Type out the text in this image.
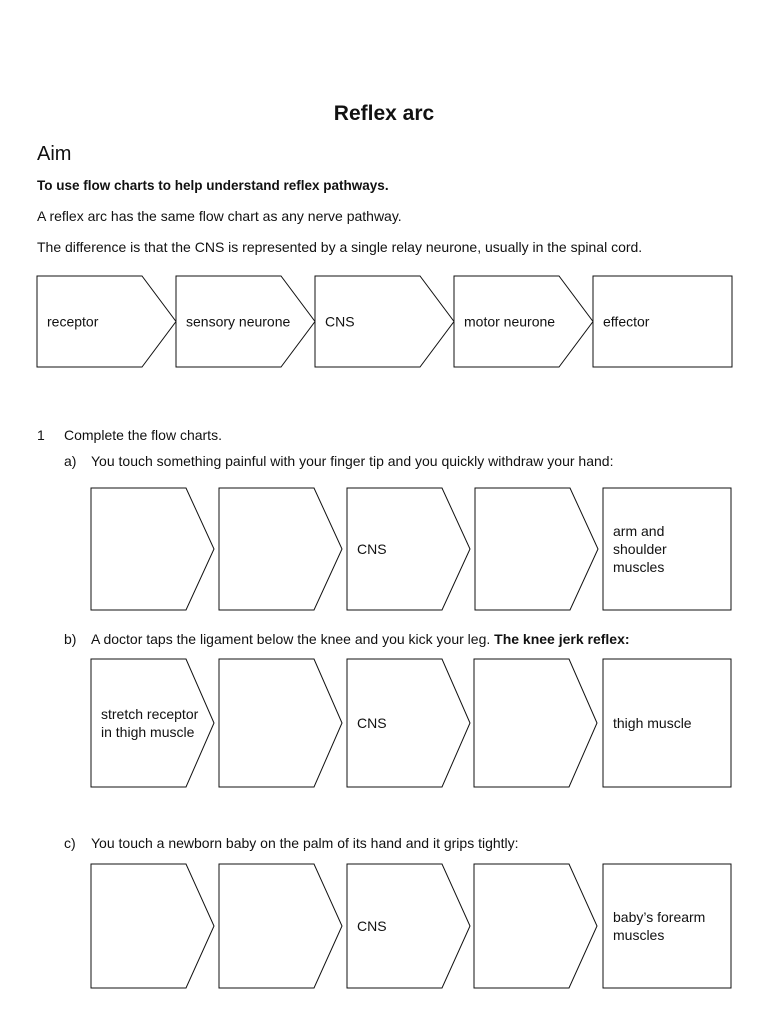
Reflex arc
Aim
To use flow charts to help understand reflex pathways.
A reflex arc has the same flow chart as any nerve pathway.
The difference is that the CNS is represented by a single relay neurone, usually in the spinal cord.
receptor	sensory neurone CNS	motor neurone	effector
CNS
arm and
shoulder
muscles
stretch receptor
in thigh muscle
CNS	thigh muscle
CNS
baby’s forearm
muscles
1 Complete the flow charts.
a) You touch something painful with your finger tip and you quickly withdraw your hand:
b) A doctor taps the ligament below the knee and you kick your leg. The knee jerk reflex:
c) You touch a newborn baby on the palm of its hand and it grips tightly:
